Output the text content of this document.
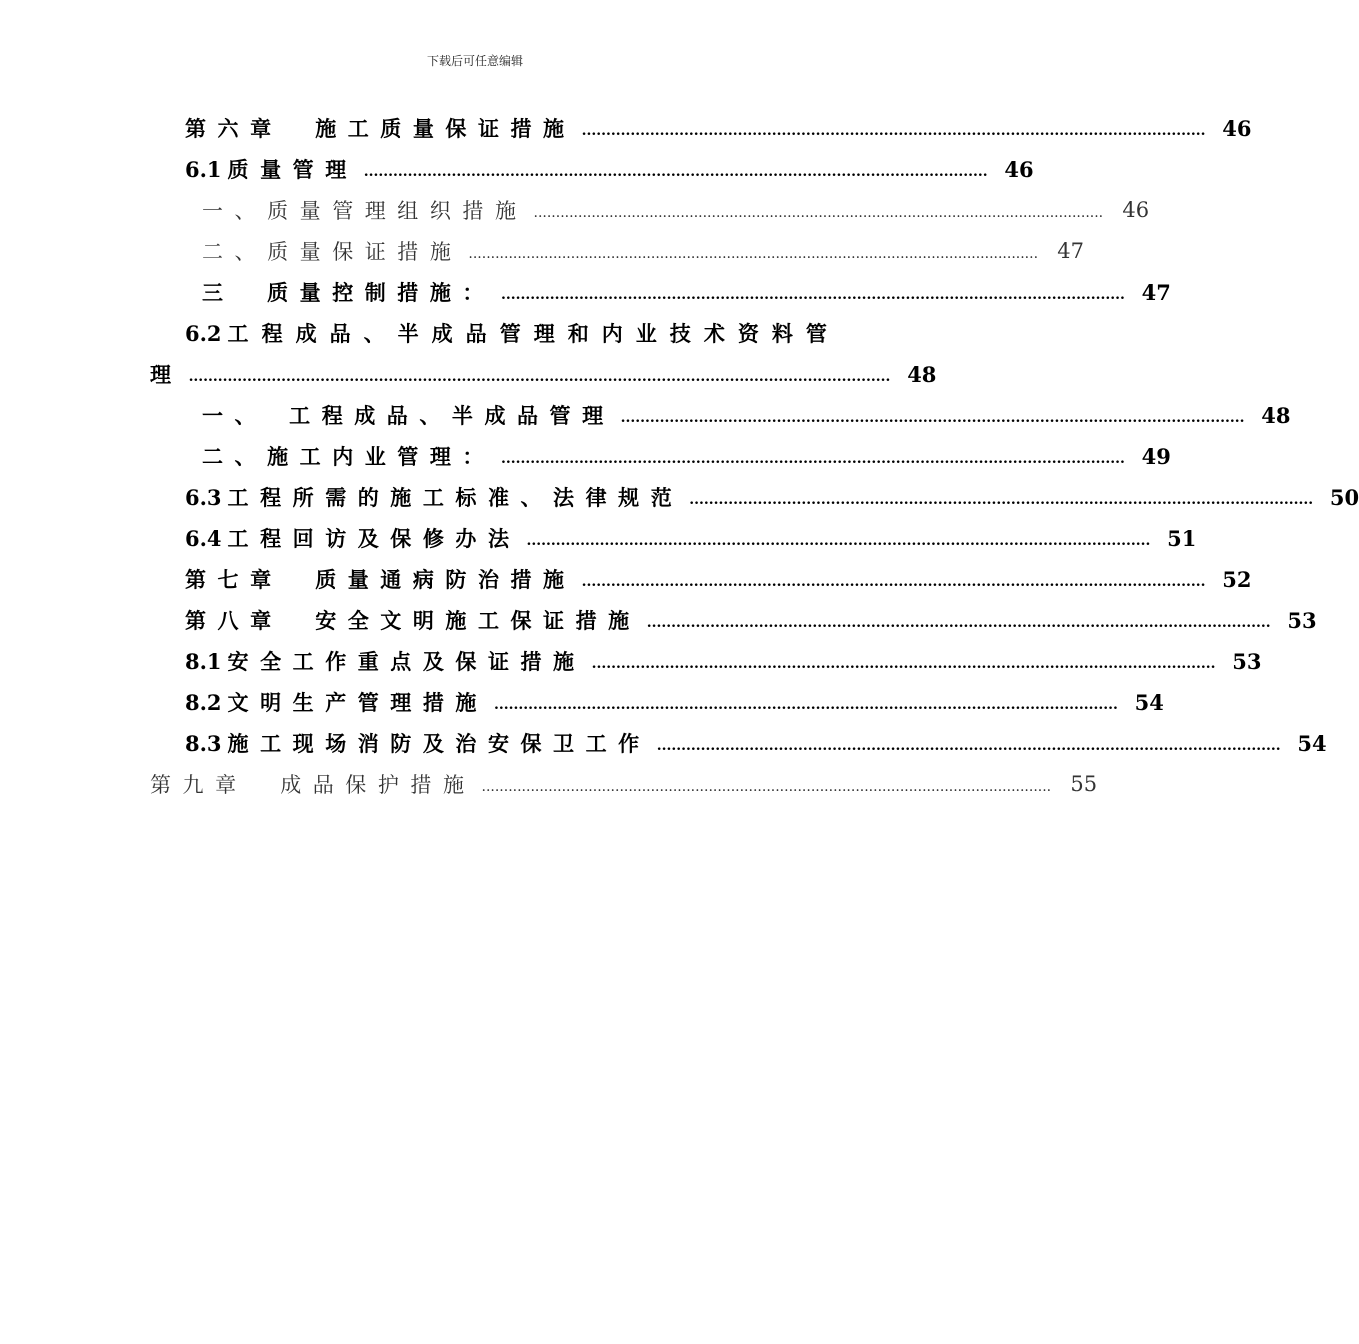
下载后可任意编辑
第六章　施工质量保证措施 ................................................................................................................................ 46
6.1 质量管理 ................................................................................................................................ 46
一、质量管理组织措施 ................................................................................................................................ 46
二、质量保证措施 ................................................................................................................................ 47
三　质量控制措施： ................................................................................................................................ 47
6.2 工程成品、半成品管理和内业技术资料管
理 ................................................................................................................................................ 48
一、　工程成品、半成品管理 ................................................................................................................................ 48
二、施工内业管理： ................................................................................................................................ 49
6.3 工程所需的施工标准、法律规范 ................................................................................................................................ 50
6.4 工程回访及保修办法 ................................................................................................................................ 51
第七章　质量通病防治措施 ................................................................................................................................ 52
第八章　安全文明施工保证措施 ................................................................................................................................ 53
8.1 安全工作重点及保证措施 ................................................................................................................................ 53
8.2 文明生产管理措施 ................................................................................................................................ 54
8.3 施工现场消防及治安保卫工作 ................................................................................................................................ 54
第九章　成品保护措施 ................................................................................................................................ 55
